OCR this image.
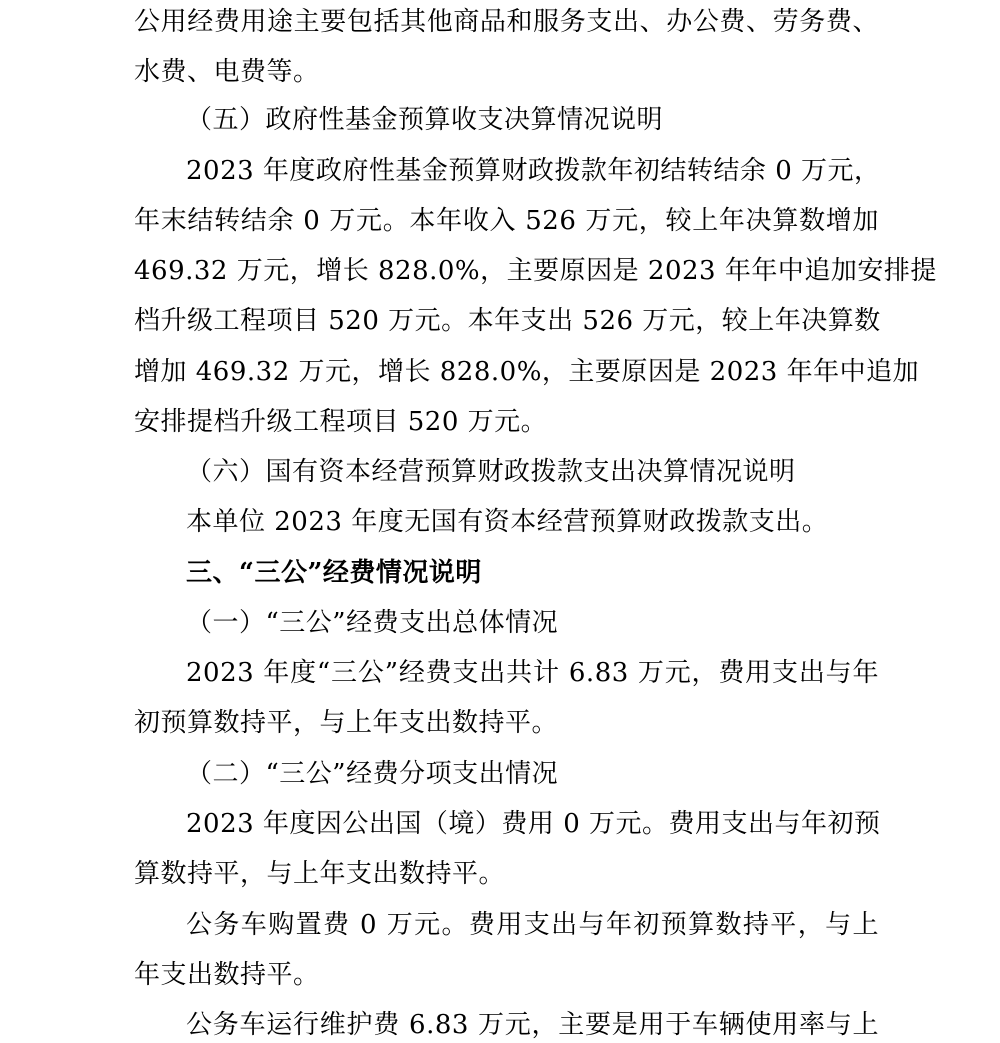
公用经费用途主要包括其他商品和服务支出、办公费、劳务费、
水费、电费等。
（五）政府性基金预算收支决算情况说明
2023 年度政府性基金预算财政拨款年初结转结余 0 万元，
年末结转结余 0 万元。本年收入 526 万元，较上年决算数增加
469.32 万元，增长 828.0%，主要原因是 2023 年年中追加安排提
档升级工程项目 520 万元。本年支出 526 万元，较上年决算数
增加 469.32 万元，增长 828.0%，主要原因是 2023 年年中追加
安排提档升级工程项目 520 万元。
（六）国有资本经营预算财政拨款支出决算情况说明
本单位 2023 年度无国有资本经营预算财政拨款支出。
三、“三公”经费情况说明
（一）“三公”经费支出总体情况
2023 年度“三公”经费支出共计 6.83 万元，费用支出与年
初预算数持平，与上年支出数持平。
（二）“三公”经费分项支出情况
2023 年度因公出国（境）费用 0 万元。费用支出与年初预
算数持平，与上年支出数持平。
公务车购置费 0 万元。费用支出与年初预算数持平，与上
年支出数持平。
公务车运行维护费 6.83 万元，主要是用于车辆使用率与上
